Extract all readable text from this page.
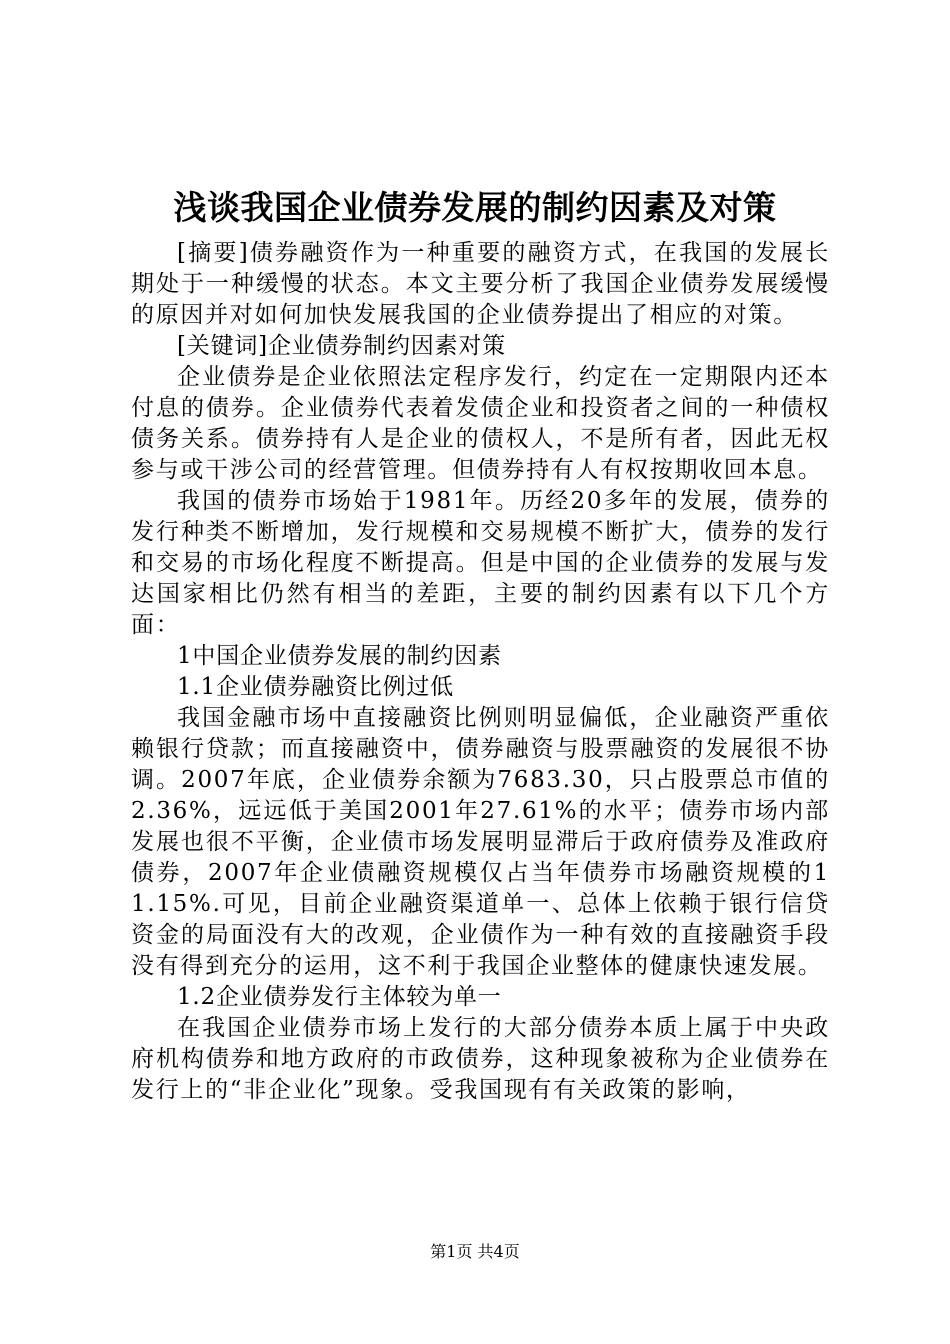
浅谈我国企业债券发展的制约因素及对策

[摘要]债券融资作为一种重要的融资方式，在我国的发展长期处于一种缓慢的状态。本文主要分析了我国企业债券发展缓慢的原因并对如何加快发展我国的企业债券提出了相应的对策。

[关键词]企业债券制约因素对策

企业债券是企业依照法定程序发行，约定在一定期限内还本付息的债券。企业债券代表着发债企业和投资者之间的一种债权债务关系。债券持有人是企业的债权人，不是所有者，因此无权参与或干涉公司的经营管理。但债券持有人有权按期收回本息。

我国的债券市场始于1981年。历经20多年的发展，债券的发行种类不断增加，发行规模和交易规模不断扩大，债券的发行和交易的市场化程度不断提高。但是中国的企业债券的发展与发达国家相比仍然有相当的差距，主要的制约因素有以下几个方面：

1中国企业债券发展的制约因素

1.1企业债券融资比例过低

我国金融市场中直接融资比例则明显偏低，企业融资严重依赖银行贷款；而直接融资中，债券融资与股票融资的发展很不协调。2007年底，企业债券余额为7683.30，只占股票总市值的2.36%，远远低于美国2001年27.61%的水平；债券市场内部发展也很不平衡，企业债市场发展明显滞后于政府债券及准政府债券，2007年企业债融资规模仅占当年债券市场融资规模的11.15%.可见，目前企业融资渠道单一、总体上依赖于银行信贷资金的局面没有大的改观，企业债作为一种有效的直接融资手段没有得到充分的运用，这不利于我国企业整体的健康快速发展。

1.2企业债券发行主体较为单一

在我国企业债券市场上发行的大部分债券本质上属于中央政府机构债券和地方政府的市政债券，这种现象被称为企业债券在发行上的“非企业化”现象。受我国现有有关政策的影响，

第1页 共4页
